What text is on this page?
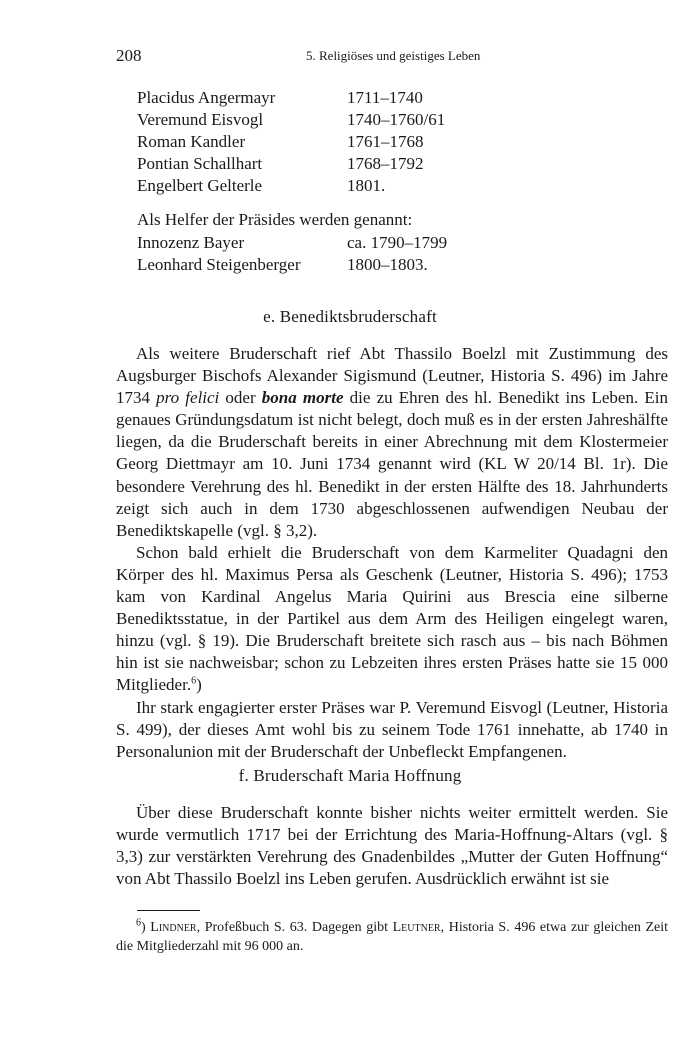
208	5. Religiöses und geistiges Leben
Placidus Angermayr	1711–1740
Veremund Eisvogl	1740–1760/61
Roman Kandler	1761–1768
Pontian Schallhart	1768–1792
Engelbert Gelterle	1801.
Als Helfer der Präsides werden genannt:
Innozenz Bayer	ca. 1790–1799
Leonhard Steigenberger	1800–1803.
e. Benediktsbruderschaft

Als weitere Bruderschaft rief Abt Thassilo Boelzl mit Zustimmung des Augsburger Bischofs Alexander Sigismund (Leutner, Historia S. 496) im Jahre 1734 pro felici oder bona morte die zu Ehren des hl. Benedikt ins Leben. Ein genaues Gründungsdatum ist nicht belegt, doch muß es in der ersten Jahreshälfte liegen, da die Bruderschaft bereits in einer Abrechnung mit dem Klostermeier Georg Diettmayr am 10. Juni 1734 genannt wird (KL W 20/14 Bl. 1r). Die besondere Verehrung des hl. Benedikt in der ersten Hälfte des 18. Jahrhunderts zeigt sich auch in dem 1730 abgeschlossenen aufwendigen Neubau der Benediktskapelle (vgl. § 3,2).

Schon bald erhielt die Bruderschaft von dem Karmeliter Quadagni den Körper des hl. Maximus Persa als Geschenk (Leutner, Historia S. 496); 1753 kam von Kardinal Angelus Maria Quirini aus Brescia eine silberne Benediktsstatue, in der Partikel aus dem Arm des Heiligen eingelegt waren, hinzu (vgl. § 19). Die Bruderschaft breitete sich rasch aus – bis nach Böhmen hin ist sie nachweisbar; schon zu Lebzeiten ihres ersten Präses hatte sie 15 000 Mitglieder.$^6$)

Ihr stark engagierter erster Präses war P. Veremund Eisvogl (Leutner, Historia S. 499), der dieses Amt wohl bis zu seinem Tode 1761 innehatte, ab 1740 in Personalunion mit der Bruderschaft der Unbefleckt Empfangenen.

f. Bruderschaft Maria Hoffnung

Über diese Bruderschaft konnte bisher nichts weiter ermittelt werden. Sie wurde vermutlich 1717 bei der Errichtung des Maria-Hoffnung-Altars (vgl. § 3,3) zur verstärkten Verehrung des Gnadenbildes „Mutter der Guten Hoffnung“ von Abt Thassilo Boelzl ins Leben gerufen. Ausdrücklich erwähnt ist sie

$^6$) Lindner, Profeßbuch S. 63. Dagegen gibt Leutner, Historia S. 496 etwa zur gleichen Zeit die Mitgliederzahl mit 96 000 an.
